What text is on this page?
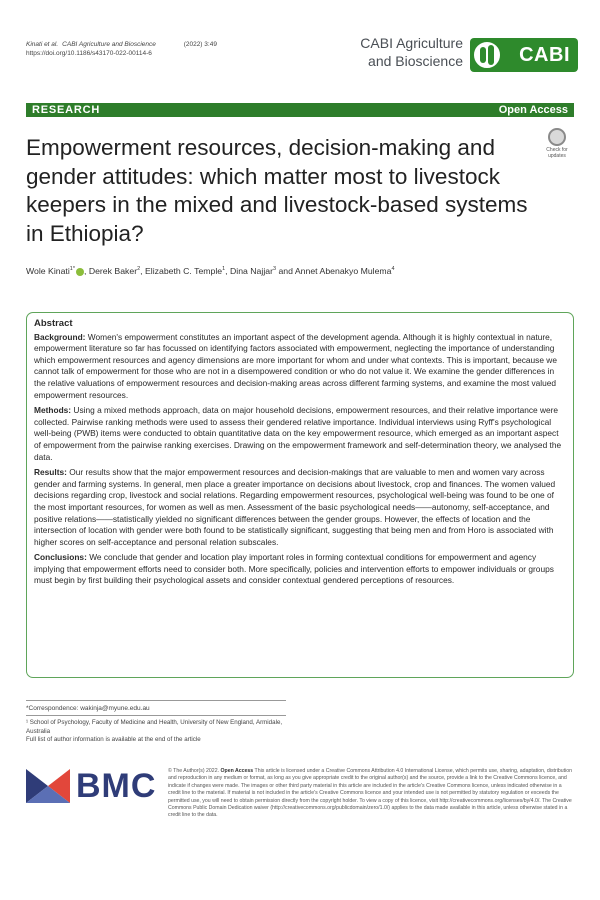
Kinati et al. CABI Agriculture and Bioscience	(2022) 3:49
https://doi.org/10.1186/s43170-022-00114-6
CABI Agriculture
and Bioscience	CABI
RESEARCH	Open Access
Check for
updates
Empowerment resources, decision-making and gender attitudes: which matter most to livestock keepers in the mixed and livestock-based systems in Ethiopia?
Wole Kinati$^{1*}$ , Derek Baker$^2$, Elizabeth C. Temple$^1$, Dina Najjar$^3$ and Annet Abenakyo Mulema$^4$
Abstract

Background: Women's empowerment constitutes an important aspect of the development agenda. Although it is highly contextual in nature, empowerment literature so far has focussed on identifying factors associated with empowerment, neglecting the importance of understanding which empowerment resources and agency dimensions are more important for whom and under what contexts. This is important, because we cannot talk of empowerment for those who are not in a disempowered condition or who do not value it. We examine the gender differences in the relative valuations of empowerment resources and decision-making areas across different farming systems, and examine the most valued empowerment resources.

Methods: Using a mixed methods approach, data on major household decisions, empowerment resources, and their relative importance were collected. Pairwise ranking methods were used to assess their gendered relative importance. Individual interviews using Ryff's psychological well-being (PWB) items were conducted to obtain quantitative data on the key empowerment resource, which emerged as an important aspect of empowerment from the pairwise ranking exercises. Drawing on the empowerment framework and self-determination theory, we analysed the data.

Results: Our results show that the major empowerment resources and decision-makings that are valuable to men and women vary across gender and farming systems. In general, men place a greater importance on decisions about livestock, crop and finances. The women valued decisions regarding crop, livestock and social relations. Regarding empowerment resources, psychological well-being was found to be one of the most important resources, for women as well as men. Assessment of the basic psychological needs——autonomy, self-acceptance, and positive relations——statistically yielded no significant differences between the gender groups. However, the effects of location and the intersection of location with gender were both found to be statistically significant, suggesting that being men and from Horo is associated with higher scores on self-acceptance and personal relation subscales.

Conclusions: We conclude that gender and location play important roles in forming contextual conditions for empowerment and agency implying that empowerment efforts need to consider both. More specifically, policies and intervention efforts to empower individuals or groups must begin by first building their psychological assets and consider contextual gendered perceptions of resources.

*Correspondence: wakinja@myune.edu.au
¹ School of Psychology, Faculty of Medicine and Health, University of New England, Armidale, Australia
Full list of author information is available at the end of the article
BMC © The Author(s) 2022. Open Access This article is licensed under a Creative Commons Attribution 4.0 International License, which permits use, sharing, adaptation, distribution and reproduction in any medium or format, as long as you give appropriate credit to the original author(s) and the source, provide a link to the Creative Commons licence, and indicate if changes were made. The images or other third party material in this article are included in the article's Creative Commons licence, unless indicated otherwise in a credit line to the material. If material is not included in the article's Creative Commons licence and your intended use is not permitted by statutory regulation or exceeds the permitted use, you will need to obtain permission directly from the copyright holder. To view a copy of this licence, visit http://creativecommons.org/licenses/by/4.0/. The Creative Commons Public Domain Dedication waiver (http://creativecommons.org/publicdomain/zero/1.0/) applies to the data made available in this article, unless otherwise stated in a credit line to the data.
